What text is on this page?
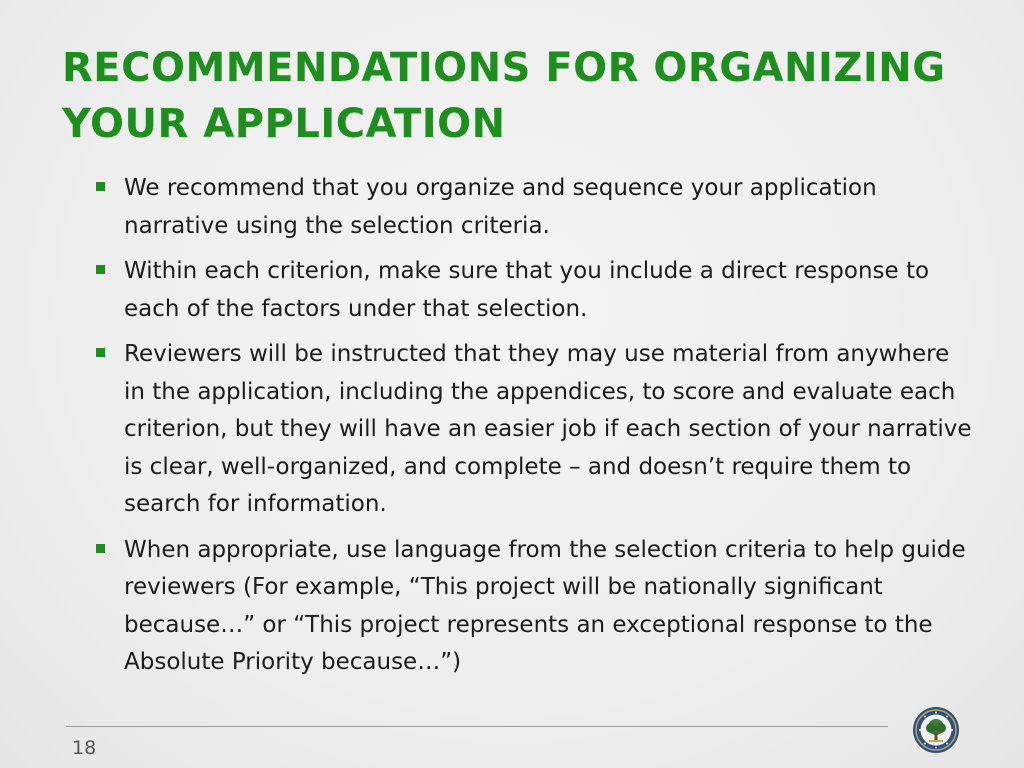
RECOMMENDATIONS FOR ORGANIZING
YOUR APPLICATION
We recommend that you organize and sequence your application narrative using the selection criteria.
Within each criterion, make sure that you include a direct response to each of the factors under that selection.
Reviewers will be instructed that they may use material from anywhere in the application, including the appendices, to score and evaluate each criterion, but they will have an easier job if each section of your narrative is clear, well-organized, and complete – and doesn’t require them to search for information.
When appropriate, use language from the selection criteria to help guide reviewers (For example, “This project will be nationally significant because…” or “This project represents an exceptional response to the Absolute Priority because…”)
18
